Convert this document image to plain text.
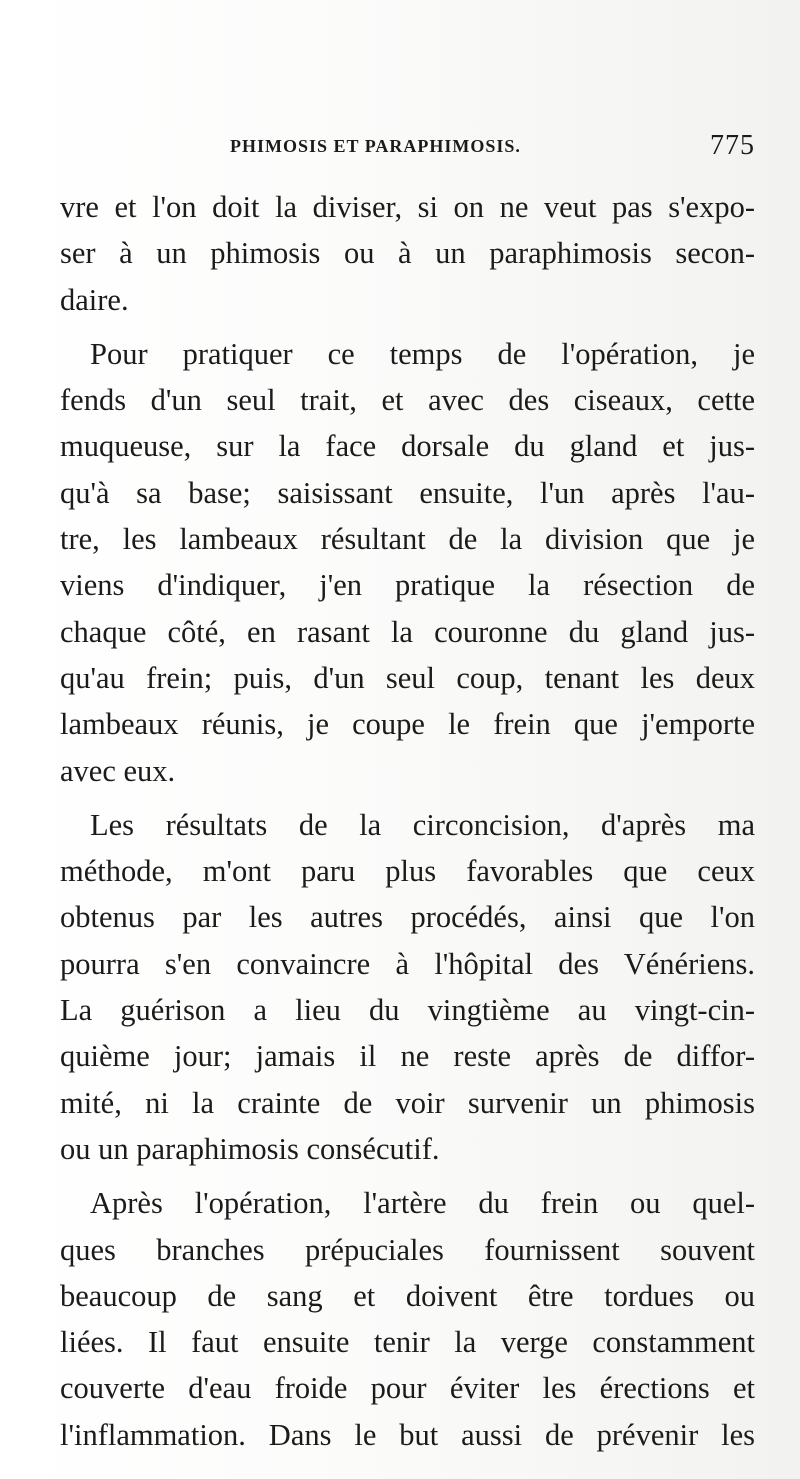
PHIMOSIS ET PARAPHIMOSIS.	775
vre et l'on doit la diviser, si on ne veut pas s'expo-
ser à un phimosis ou à un paraphimosis secon-
daire.
Pour pratiquer ce temps de l'opération, je
fends d'un seul trait, et avec des ciseaux, cette
muqueuse, sur la face dorsale du gland et jus-
qu'à sa base; saisissant ensuite, l'un après l'au-
tre, les lambeaux résultant de la division que je
viens d'indiquer, j'en pratique la résection de
chaque côté, en rasant la couronne du gland jus-
qu'au frein; puis, d'un seul coup, tenant les deux
lambeaux réunis, je coupe le frein que j'emporte
avec eux.
Les résultats de la circoncision, d'après ma
méthode, m'ont paru plus favorables que ceux
obtenus par les autres procédés, ainsi que l'on
pourra s'en convaincre à l'hôpital des Vénériens.
La guérison a lieu du vingtième au vingt-cin-
quième jour; jamais il ne reste après de diffor-
mité, ni la crainte de voir survenir un phimosis
ou un paraphimosis consécutif.
Après l'opération, l'artère du frein ou quel-
ques branches prépuciales fournissent souvent
beaucoup de sang et doivent être tordues ou
liées. Il faut ensuite tenir la verge constamment
couverte d'eau froide pour éviter les érections et
l'inflammation. Dans le but aussi de prévenir les
